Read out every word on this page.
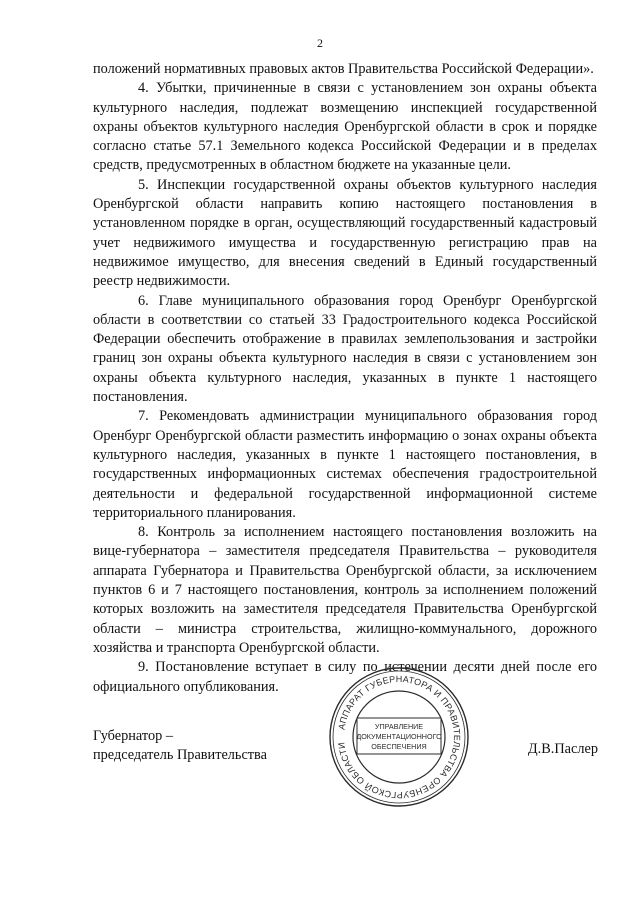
2

положений нормативных правовых актов Правительства Российской Федерации».

4. Убытки, причиненные в связи с установлением зон охраны объекта культурного наследия, подлежат возмещению инспекцией государственной охраны объектов культурного наследия Оренбургской области в срок и порядке согласно статье 57.1 Земельного кодекса Российской Федерации и в пределах средств, предусмотренных в областном бюджете на указанные цели.

5. Инспекции государственной охраны объектов культурного наследия Оренбургской области направить копию настоящего постановления в установленном порядке в орган, осуществляющий государственный кадастровый учет недвижимого имущества и государственную регистрацию прав на недвижимое имущество, для внесения сведений в Единый государственный реестр недвижимости.

6. Главе муниципального образования город Оренбург Оренбургской области в соответствии со статьей 33 Градостроительного кодекса Российской Федерации обеспечить отображение в правилах землепользования и застройки границ зон охраны объекта культурного наследия в связи с установлением зон охраны объекта культурного наследия, указанных в пункте 1 настоящего постановления.

7. Рекомендовать администрации муниципального образования город Оренбург Оренбургской области разместить информацию о зонах охраны объекта культурного наследия, указанных в пункте 1 настоящего постановления, в государственных информационных системах обеспечения градостроительной деятельности и федеральной государственной информационной системе территориального планирования.

8. Контроль за исполнением настоящего постановления возложить на вице-губернатора – заместителя председателя Правительства – руководителя аппарата Губернатора и Правительства Оренбургской области, за исключением пунктов 6 и 7 настоящего постановления, контроль за исполнением положений которых возложить на заместителя председателя Правительства Оренбургской области – министра строительства, жилищно-коммунального, дорожного хозяйства и транспорта Оренбургской области.

9. Постановление вступает в силу по истечении десяти дней после его официального опубликования.

Губернатор –
председатель Правительства	Д.В.Паслер
АППАРАТ ГУБЕРНАТОРА И ПРАВИТЕЛЬСТВА ОРЕНБУРГСКОЙ ОБЛАСТИ
УПРАВЛЕНИЕ
ДОКУМЕНТАЦИОННОГО
ОБЕСПЕЧЕНИЯ
